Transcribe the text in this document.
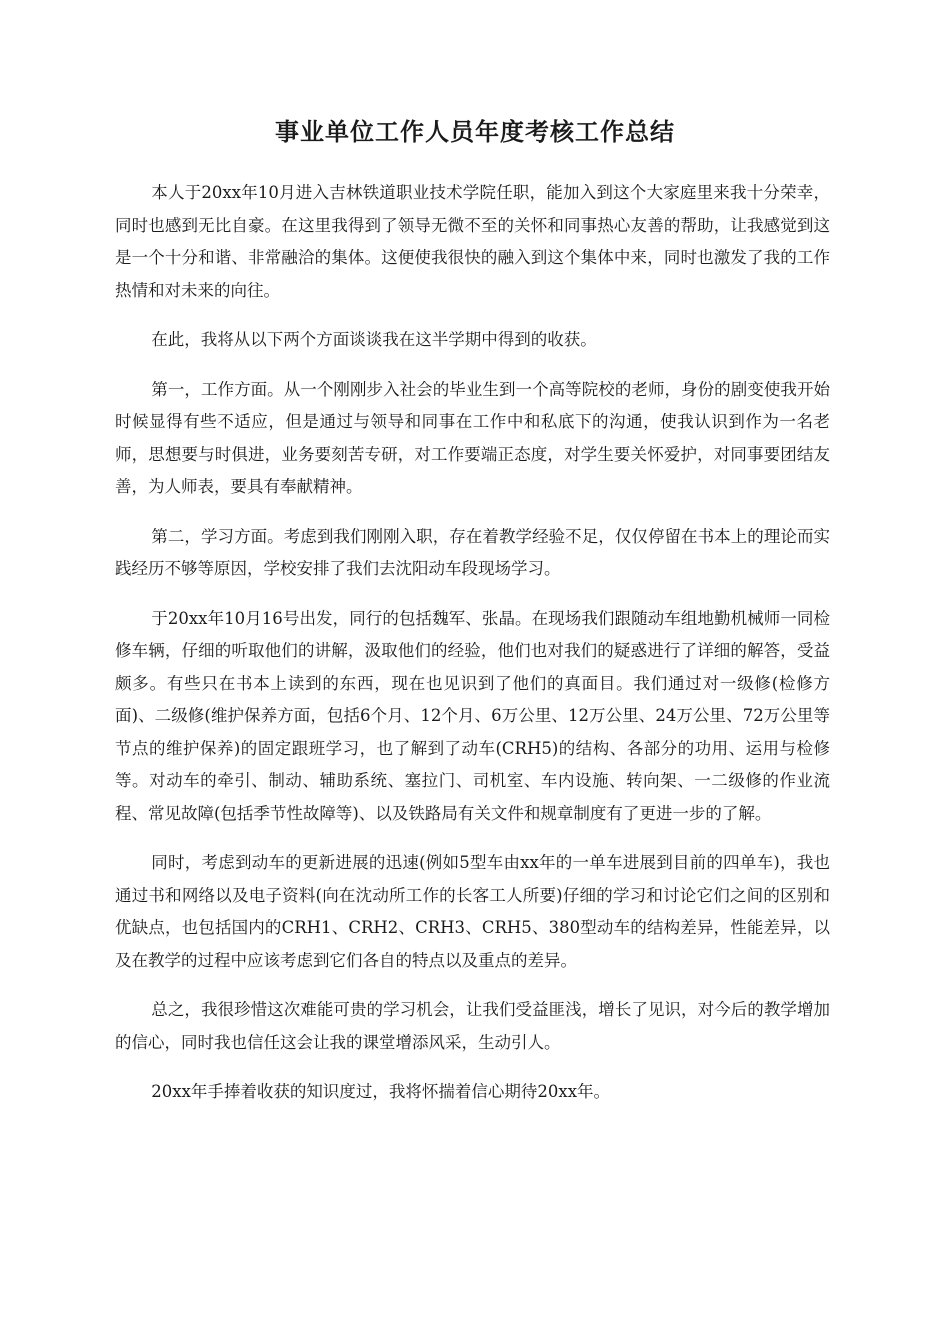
事业单位工作人员年度考核工作总结

本人于20xx年10月进入吉林铁道职业技术学院任职，能加入到这个大家庭里来我十分荣幸，同时也感到无比自豪。在这里我得到了领导无微不至的关怀和同事热心友善的帮助，让我感觉到这是一个十分和谐、非常融洽的集体。这便使我很快的融入到这个集体中来，同时也激发了我的工作热情和对未来的向往。

在此，我将从以下两个方面谈谈我在这半学期中得到的收获。

第一，工作方面。从一个刚刚步入社会的毕业生到一个高等院校的老师，身份的剧变使我开始时候显得有些不适应，但是通过与领导和同事在工作中和私底下的沟通，使我认识到作为一名老师，思想要与时俱进，业务要刻苦专研，对工作要端正态度，对学生要关怀爱护，对同事要团结友善，为人师表，要具有奉献精神。

第二，学习方面。考虑到我们刚刚入职，存在着教学经验不足，仅仅停留在书本上的理论而实践经历不够等原因，学校安排了我们去沈阳动车段现场学习。

于20xx年10月16号出发，同行的包括魏军、张晶。在现场我们跟随动车组地勤机械师一同检修车辆，仔细的听取他们的讲解，汲取他们的经验，他们也对我们的疑惑进行了详细的解答，受益颇多。有些只在书本上读到的东西，现在也见识到了他们的真面目。我们通过对一级修(检修方面)、二级修(维护保养方面，包括6个月、12个月、6万公里、12万公里、24万公里、72万公里等节点的维护保养)的固定跟班学习，也了解到了动车(CRH5)的结构、各部分的功用、运用与检修等。对动车的牵引、制动、辅助系统、塞拉门、司机室、车内设施、转向架、一二级修的作业流程、常见故障(包括季节性故障等)、以及铁路局有关文件和规章制度有了更进一步的了解。

同时，考虑到动车的更新进展的迅速(例如5型车由xx年的一单车进展到目前的四单车)，我也通过书和网络以及电子资料(向在沈动所工作的长客工人所要)仔细的学习和讨论它们之间的区别和优缺点，也包括国内的CRH1、CRH2、CRH3、CRH5、380型动车的结构差异，性能差异，以及在教学的过程中应该考虑到它们各自的特点以及重点的差异。

总之，我很珍惜这次难能可贵的学习机会，让我们受益匪浅，增长了见识，对今后的教学增加的信心，同时我也信任这会让我的课堂增添风采，生动引人。

20xx年手捧着收获的知识度过，我将怀揣着信心期待20xx年。
